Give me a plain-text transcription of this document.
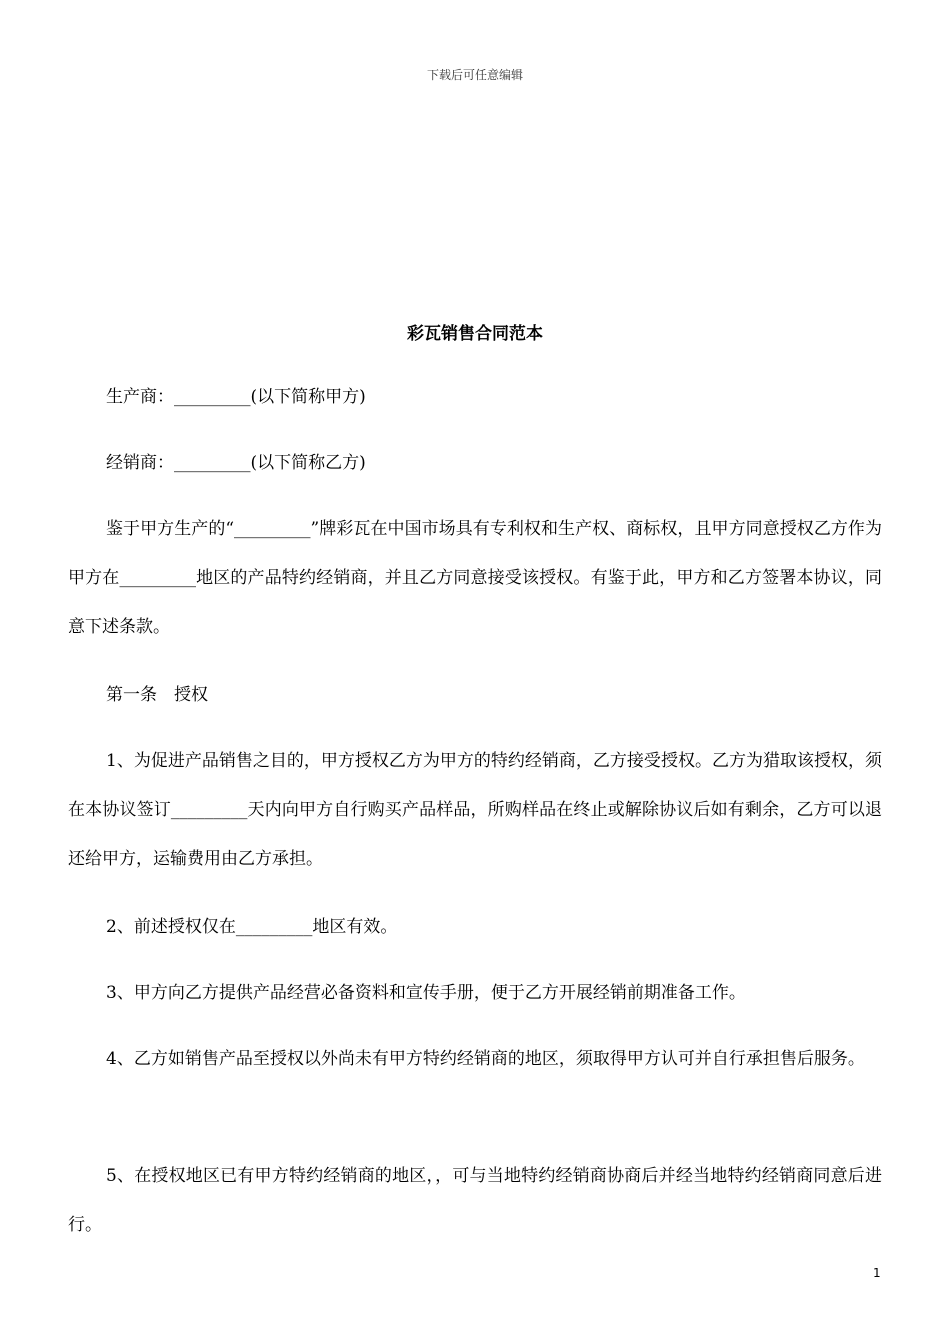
下载后可任意编辑
彩瓦销售合同范本

生产商：_________(以下简称甲方)

经销商：_________(以下简称乙方)

鉴于甲方生产的“_________”牌彩瓦在中国市场具有专利权和生产权、商标权，且甲方同意授权乙方作为甲方在_________地区的产品特约经销商，并且乙方同意接受该授权。有鉴于此，甲方和乙方签署本协议，同意下述条款。

第一条　授权

1、为促进产品销售之目的，甲方授权乙方为甲方的特约经销商，乙方接受授权。乙方为猎取该授权，须在本协议签订_________天内向甲方自行购买产品样品，所购样品在终止或解除协议后如有剩余，乙方可以退还给甲方，运输费用由乙方承担。

2、前述授权仅在_________地区有效。

3、甲方向乙方提供产品经营必备资料和宣传手册，便于乙方开展经销前期准备工作。

4、乙方如销售产品至授权以外尚未有甲方特约经销商的地区，须取得甲方认可并自行承担售后服务。

5、在授权地区已有甲方特约经销商的地区，，可与当地特约经销商协商后并经当地特约经销商同意后进行。

1
